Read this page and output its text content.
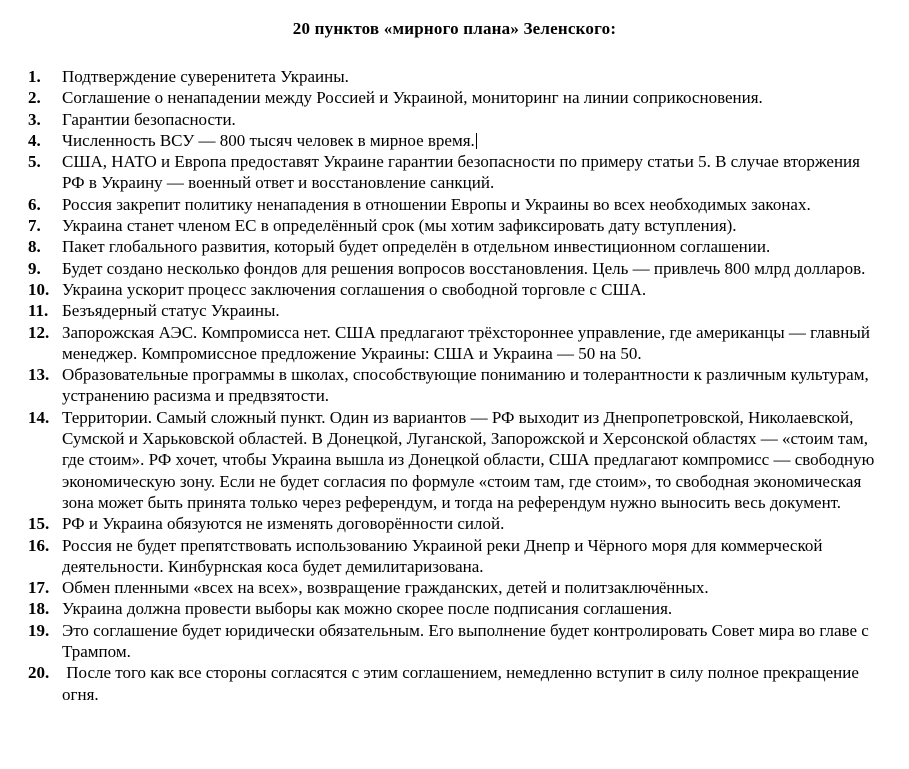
20 пунктов «мирного плана» Зеленского:
1.	Подтверждение суверенитета Украины.
2.	Соглашение о ненападении между Россией и Украиной, мониторинг на линии соприкосновения.
3.	Гарантии безопасности.
4.	Численность ВСУ — 800 тысяч человек в мирное время.
5.	США, НАТО и Европа предоставят Украине гарантии безопасности по примеру статьи 5. В случае вторжения РФ в Украину — военный ответ и восстановление санкций.
6.	Россия закрепит политику ненападения в отношении Европы и Украины во всех необходимых законах.
7.	Украина станет членом ЕС в определённый срок (мы хотим зафиксировать дату вступления).
8.	Пакет глобального развития, который будет определён в отдельном инвестиционном соглашении.
9.	Будет создано несколько фондов для решения вопросов восстановления. Цель — привлечь 800 млрд долларов.
10. Украина ускорит процесс заключения соглашения о свободной торговле с США.
11. Безъядерный статус Украины.
12. Запорожская АЭС. Компромисса нет. США предлагают трёхстороннее управление, где американцы — главный менеджер. Компромиссное предложение Украины: США и Украина — 50 на 50.
13. Образовательные программы в школах, способствующие пониманию и толерантности к различным культурам, устранению расизма и предвзятости.
14. Территории. Самый сложный пункт. Один из вариантов — РФ выходит из Днепропетровской, Николаевской, Сумской и Харьковской областей. В Донецкой, Луганской, Запорожской и Херсонской областях — «стоим там, где стоим». РФ хочет, чтобы Украина вышла из Донецкой области, США предлагают компромисс — свободную экономическую зону. Если не будет согласия по формуле «стоим там, где стоим», то свободная экономическая зона может быть принята только через референдум, и тогда на референдум нужно выносить весь документ.
15. РФ и Украина обязуются не изменять договорённости силой.
16. Россия не будет препятствовать использованию Украиной реки Днепр и Чёрного моря для коммерческой деятельности. Кинбурнская коса будет демилитаризована.
17. Обмен пленными «всех на всех», возвращение гражданских, детей и политзаключённых.
18. Украина должна провести выборы как можно скорее после подписания соглашения.
19. Это соглашение будет юридически обязательным. Его выполнение будет контролировать Совет мира во главе с Трампом.
20. После того как все стороны согласятся с этим соглашением, немедленно вступит в силу полное прекращение огня.
